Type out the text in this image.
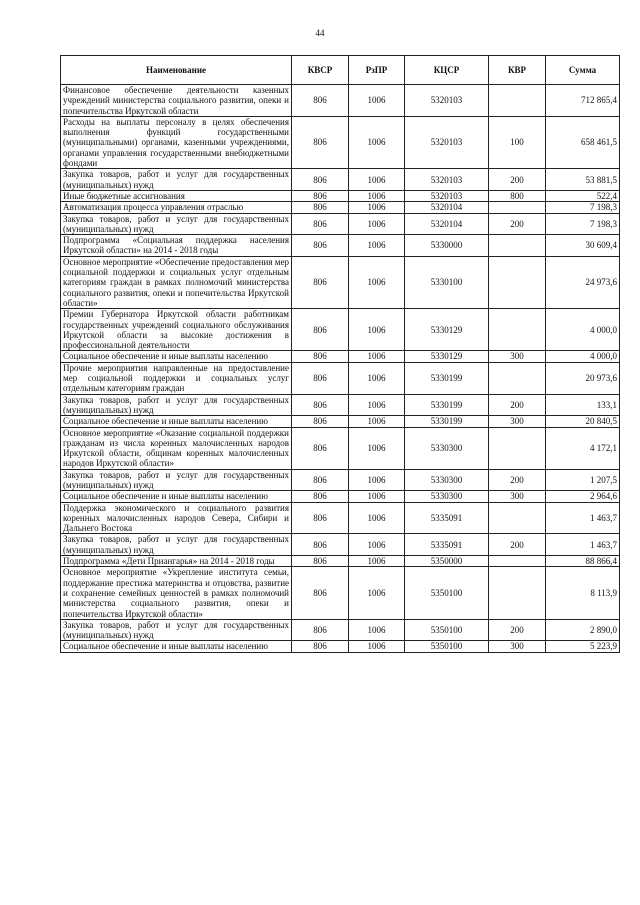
44
Наименование	КВСР	РзПР	КЦСР	КВР	Сумма
Финансовое обеспечение деятельности казенных учреждений министерства социального развития, опеки и попечительства Иркутской области	806	1006	5320103		712 865,4
Расходы на выплаты персоналу в целях обеспечения выполнения функций государственными (муниципальными) органами, казенными учреждениями, органами управления государственными внебюджетными фондами	806	1006	5320103	100	658 461,5
Закупка товаров, работ и услуг для государственных (муниципальных) нужд	806	1006	5320103	200	53 881,5
Иные бюджетные ассигнования	806	1006	5320103	800	522,4
Автоматизация процесса управления отраслью	806	1006	5320104		7 198,3
Закупка товаров, работ и услуг для государственных (муниципальных) нужд	806	1006	5320104	200	7 198,3
Подпрограмма «Социальная поддержка населения Иркутской области» на 2014 - 2018 годы	806	1006	5330000		30 609,4
Основное мероприятие «Обеспечение предоставления мер социальной поддержки и социальных услуг отдельным категориям граждан в рамках полномочий министерства социального развития, опеки и попечительства Иркутской области»	806	1006	5330100		24 973,6
Премии Губернатора Иркутской области работникам государственных учреждений социального обслуживания Иркутской области за высокие достижения в профессиональной деятельности	806	1006	5330129		4 000,0
Социальное обеспечение и иные выплаты населению	806	1006	5330129	300	4 000,0
Прочие мероприятия направленные на предоставление мер социальной поддержки и социальных услуг отдельным категориям граждан	806	1006	5330199		20 973,6
Закупка товаров, работ и услуг для государственных (муниципальных) нужд	806	1006	5330199	200	133,1
Социальное обеспечение и иные выплаты населению	806	1006	5330199	300	20 840,5
Основное мероприятие «Оказание социальной поддержки гражданам из числа коренных малочисленных народов Иркутской области, общинам коренных малочисленных народов Иркутской области»	806	1006	5330300		4 172,1
Закупка товаров, работ и услуг для государственных (муниципальных) нужд	806	1006	5330300	200	1 207,5
Социальное обеспечение и иные выплаты населению	806	1006	5330300	300	2 964,6
Поддержка экономического и социального развития коренных малочисленных народов Севера, Сибири и Дальнего Востока	806	1006	5335091		1 463,7
Закупка товаров, работ и услуг для государственных (муниципальных) нужд	806	1006	5335091	200	1 463,7
Подпрограмма «Дети Приангарья» на 2014 - 2018 годы	806	1006	5350000		88 866,4
Основное мероприятие «Укрепление института семьи, поддержание престижа материнства и отцовства, развитие и сохранение семейных ценностей в рамках полномочий министерства социального развития, опеки и попечительства Иркутской области»	806	1006	5350100		8 113,9
Закупка товаров, работ и услуг для государственных (муниципальных) нужд	806	1006	5350100	200	2 890,0
Социальное обеспечение и иные выплаты населению	806	1006	5350100	300	5 223,9
